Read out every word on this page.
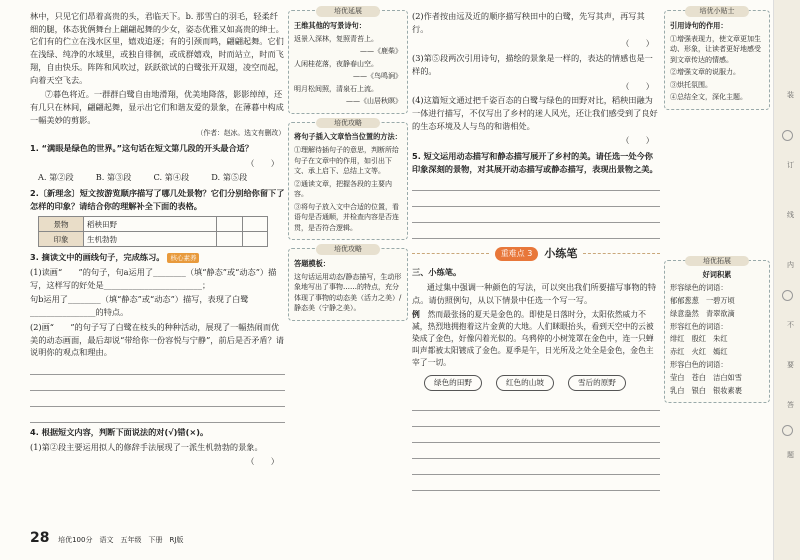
林中，只见它们昂着高贵的头，君临天下。b. 那雪白的羽毛，轻柔纤细的腿，体态犹俩舞台上翩翩起舞的少女，姿态优雅又如高贵的绅士。它们有的伫立在浅水区里，嬉戏追逐；有的引颈而鸣，翩翩起舞。它们在浅绿、纯净的水域里，或独自徘徊，或成群嬉戏，时而站立，时而飞翔，自由快乐。阵阵和风吹过，跃跃欲试的白鹭张开双翅，凌空而起，向着天空飞去。

⑦暮色将近。一群群白鹭自由地滑翔，优美地降落，影影绰绰，还有几只在林间，翩翩起舞，显示出它们和谐友爱的景象，在薄暮中构成一幅美妙的剪影。

（作者：赵冰。选文有删改）

1. “满眼是绿色的世界。”这句话在短文第几段的开头最合适？

（　　）

A. 第②段	B. 第③段	C. 第④段	D. 第⑤段

2.〔新理念〕短文按游览顺序描写了哪几处景物？它们分别给你留下了怎样的印象？请结合你的理解补全下面的表格。

景物	稻秧田野		
印象	生机勃勃		

3. 摘读文中的画线句子，完成练习。 核心素养

(1)读画“　　”的句子，句a运用了________（填“静态”或“动态”）描写，这样写的好处是________________________；

句b运用了________（填“静态”或“动态”）描写，表现了白鹭________________的特点。

(2)画“　　”的句子写了白鹭在枝头的种种活动，展现了一幅热闹而优美的动态画面，最后却说“带给你一份容悦与宁静”，前后是否矛盾？请说明你的观点和理由。

4. 根据短文内容，判断下面说法的对(√)错(×)。

(1)第②段主要运用拟人的修辞手法展现了一派生机勃勃的景象。

（　　）

培优延展

王维其他的写景诗句：

返景入深林，复照青苔上。

——《鹿柴》

人闲桂花落，夜静春山空。

——《鸟鸣涧》

明月松间照，清泉石上流。

——《山居秋暝》

培优攻略

将句子插入文章恰当位置的方法：

①理解待插句子的意思，判断所给句子在文章中的作用，如引出下文、承上启下、总结上文等。

②通读文章，把握各段的主要内容。

③将句子放入文中合适的位置，看语句是否通顺，并检查内容是否连贯，是否符合逻辑。

培优攻略

答题模板：

这句话运用动态/静态描写，生动形象地写出了事物……的特点，充分体现了事物的动态美（活力之美）/静态美（宁静之美）。

(2)作者按由远及近的顺序描写秧田中的白鹭，先写其声，再写其行。

（　　）

(3)第⑤段两次引用诗句，描绘的景象是一样的，表达的情感也是一样的。

（　　）

(4)这篇短文通过把千姿百态的白鹭与绿色的田野对比，稻秧田融为一体进行描写，不仅写出了乡村的迷人风光，还让我们感受到了良好的生态环境及人与鸟的和谐相处。

（　　）

5. 短文运用动态描写和静态描写展开了乡村的美。请任选一处今你印象深刻的景物，对其展开动态描写或静态描写，表现出景物之美。

重难点 3	小练笔

三、小练笔。

通过集中强调一种颜色的写法，可以突出我们所要描写事物的特点。请仿照例句，从以下情景中任选一个写一写。

例　 然而最张扬的夏天是金色的。即使是日落时分，太阳依然威力不减，热烈地拥抱着这片金黄的大地。人们眯眼抬头，看到天空中的云被染成了金色，好像闪着光似的。乌鸦停的小树笼罩在金色中，连一只蝉叫声都被太阳镀成了金色。夏季是午，日光所及之处全是金色，金色主宰了一切。

绿色的田野	红色的山坡	雪后的原野
培优小贴士

引用诗句的作用：

①增强表现力，使文章更加生动、形象，让读者更好地感受到文章传达的情感。

②增强文章的说服力。

③烘托氛围。

④总结全文，深化主题。

培优拓展

好词积累

形容绿色的词语：

郁郁葱葱　一碧万顷

绿意盎然　青翠欲滴

形容红色的词语：

绯红　殷红　朱红

赤红　火红　嫣红

形容白色的词语：

莹白　苍白　洁白如雪

乳白　银白　银妆素裹

装
订
线
内
不
要
答
题
28 培优100分　语文　五年级　下册　RJ版
